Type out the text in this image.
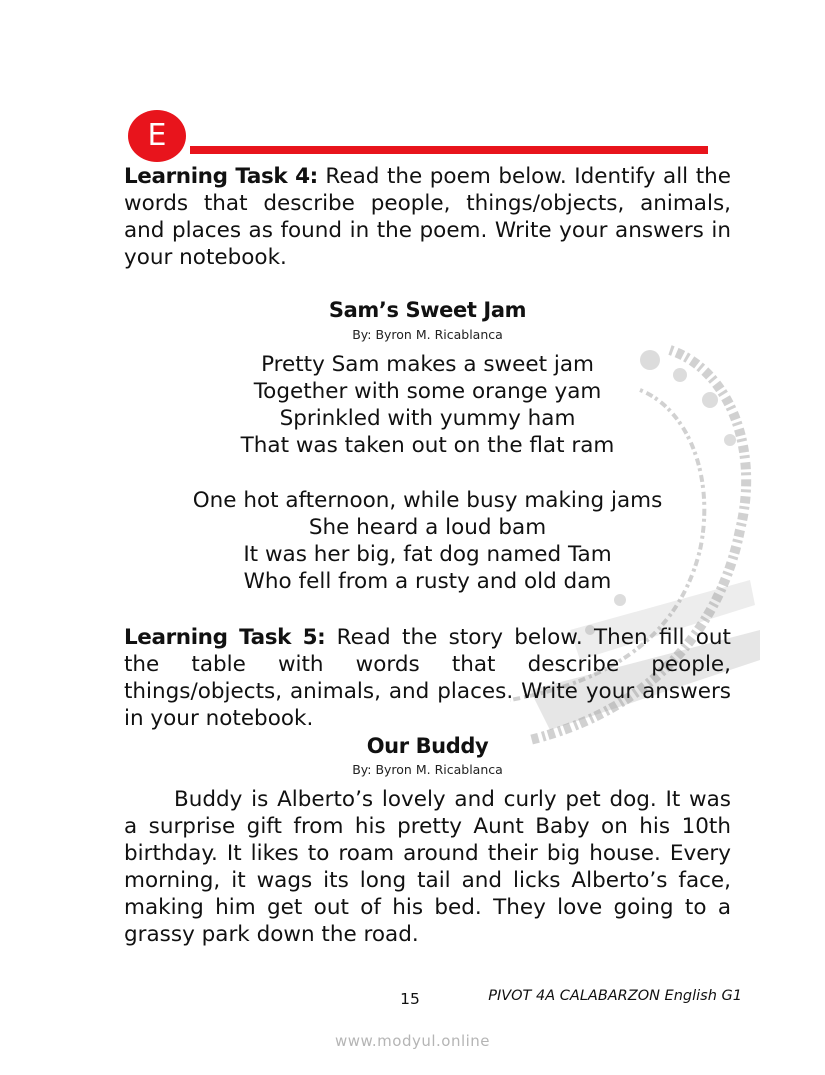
E
Learning Task 4: Read the poem below. Identify all the words that describe people, things/objects, animals, and places as found in the poem. Write your answers in your notebook.
Sam’s Sweet Jam
By: Byron M. Ricablanca
Pretty Sam makes a sweet jam
Together with some orange yam
Sprinkled with yummy ham
That was taken out on the flat ram
One hot afternoon, while busy making jams
She heard a loud bam
It was her big, fat dog named Tam
Who fell from a rusty and old dam
Learning Task 5: Read the story below. Then fill out the table with words that describe people, things/objects, animals, and places. Write your answers in your notebook.
Our Buddy
By: Byron M. Ricablanca
Buddy is Alberto’s lovely and curly pet dog. It was a surprise gift from his pretty Aunt Baby on his 10th birthday. It likes to roam around their big house. Every morning, it wags its long tail and licks Alberto’s face, making him get out of his bed. They love going to a grassy park down the road.
15	PIVOT 4A CALABARZON English G1
www.modyul.online
